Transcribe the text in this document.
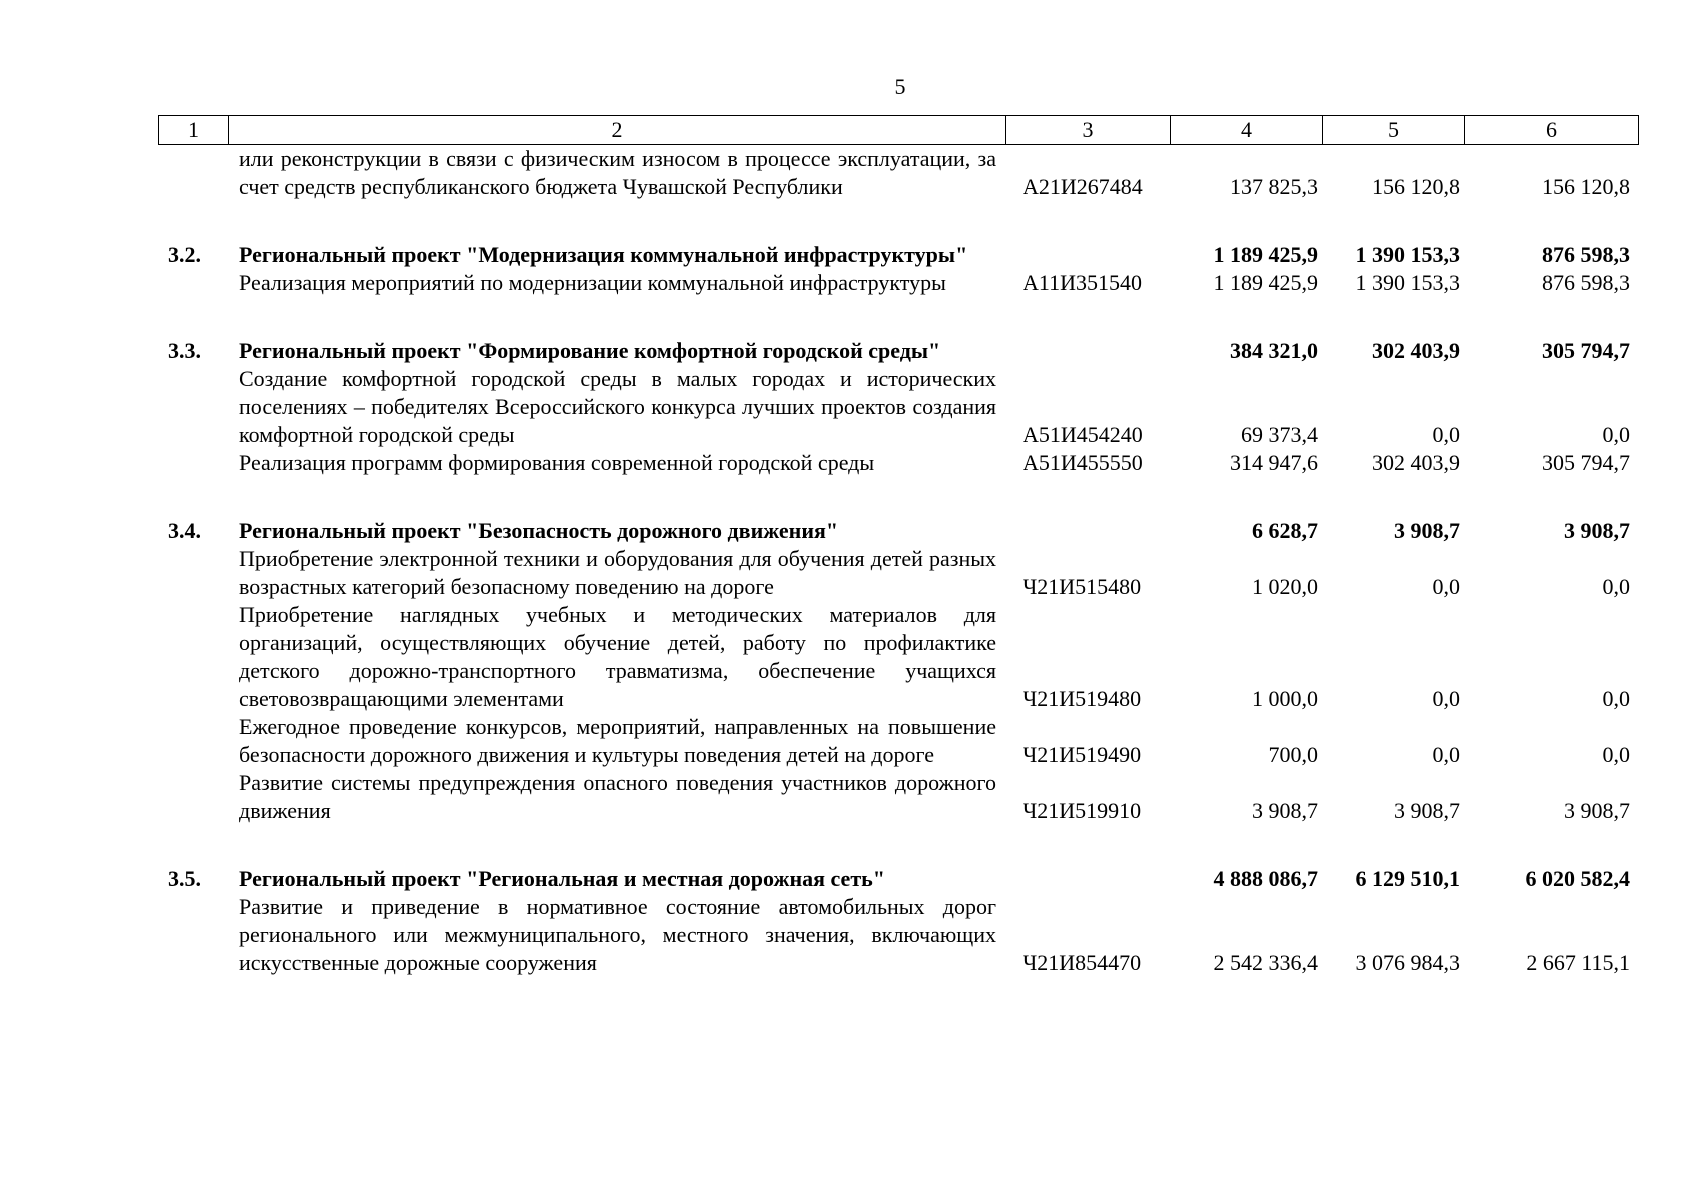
5
1	2	3	4	5	6
	или реконструкции в связи с физическим износом в процессе эксплуатации, за счет средств республиканского бюджета Чувашской Республики	А21И267484	137 825,3	156 120,8	156 120,8

3.2.	Региональный проект "Модернизация коммунальной инфраструктуры"		1 189 425,9	1 390 153,3	876 598,3
	Реализация мероприятий по модернизации коммунальной инфраструктуры	А11И351540	1 189 425,9	1 390 153,3	876 598,3

3.3.	Региональный проект "Формирование комфортной городской среды"		384 321,0	302 403,9	305 794,7
	Создание комфортной городской среды в малых городах и исторических поселениях – победителях Всероссийского конкурса лучших проектов создания комфортной городской среды	А51И454240	69 373,4	0,0	0,0
	Реализация программ формирования современной городской среды	А51И455550	314 947,6	302 403,9	305 794,7

3.4.	Региональный проект "Безопасность дорожного движения"		6 628,7	3 908,7	3 908,7
	Приобретение электронной техники и оборудования для обучения детей разных возрастных категорий безопасному поведению на дороге	Ч21И515480	1 020,0	0,0	0,0
	Приобретение наглядных учебных и методических материалов для организаций, осуществляющих обучение детей, работу по профилактике детского дорожно-транспортного травматизма, обеспечение учащихся световозвращающими элементами	Ч21И519480	1 000,0	0,0	0,0
	Ежегодное проведение конкурсов, мероприятий, направленных на повышение безопасности дорожного движения и культуры поведения детей на дороге	Ч21И519490	700,0	0,0	0,0
	Развитие системы предупреждения опасного поведения участников дорожного движения	Ч21И519910	3 908,7	3 908,7	3 908,7

3.5.	Региональный проект "Региональная и местная дорожная сеть"		4 888 086,7	6 129 510,1	6 020 582,4
	Развитие и приведение в нормативное состояние автомобильных дорог регионального или межмуниципального, местного значения, включающих искусственные дорожные сооружения	Ч21И854470	2 542 336,4	3 076 984,3	2 667 115,1
